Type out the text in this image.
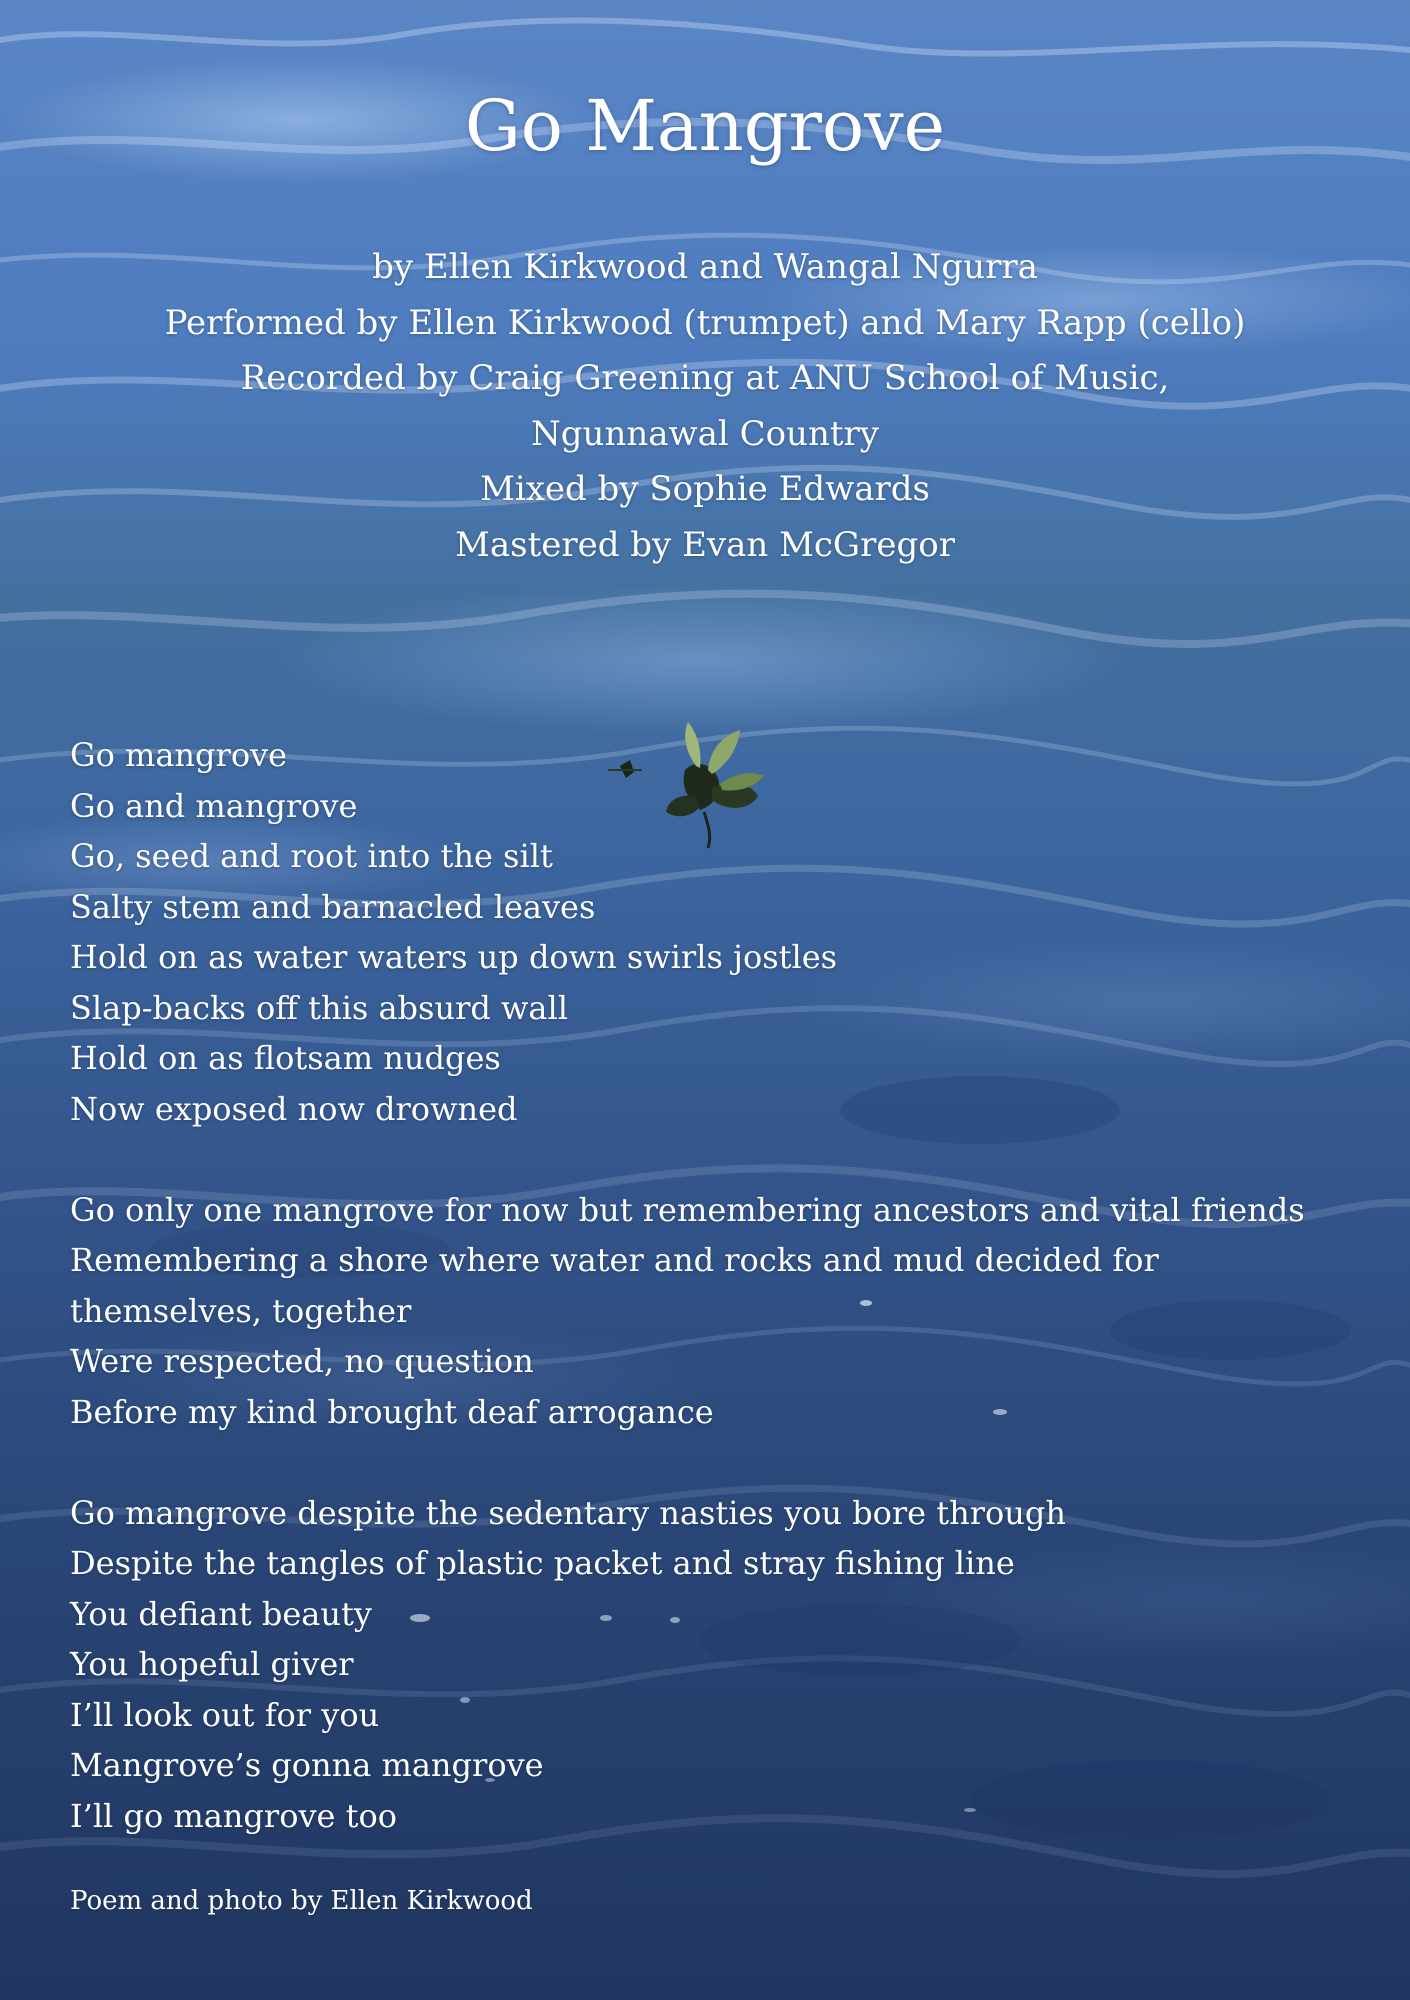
Go Mangrove
by Ellen Kirkwood and Wangal Ngurra
Performed by Ellen Kirkwood (trumpet) and Mary Rapp (cello)
Recorded by Craig Greening at ANU School of Music,
Ngunnawal Country
Mixed by Sophie Edwards
Mastered by Evan McGregor
Go mangrove
Go and mangrove
Go, seed and root into the silt
Salty stem and barnacled leaves
Hold on as water waters up down swirls jostles
Slap-backs off this absurd wall
Hold on as flotsam nudges
Now exposed now drowned
Go only one mangrove for now but remembering ancestors and vital friends
Remembering a shore where water and rocks and mud decided for
themselves, together
Were respected, no question
Before my kind brought deaf arrogance
Go mangrove despite the sedentary nasties you bore through
Despite the tangles of plastic packet and stray fishing line
You defiant beauty
You hopeful giver
I’ll look out for you
Mangrove’s gonna mangrove
I’ll go mangrove too
Poem and photo by Ellen Kirkwood
